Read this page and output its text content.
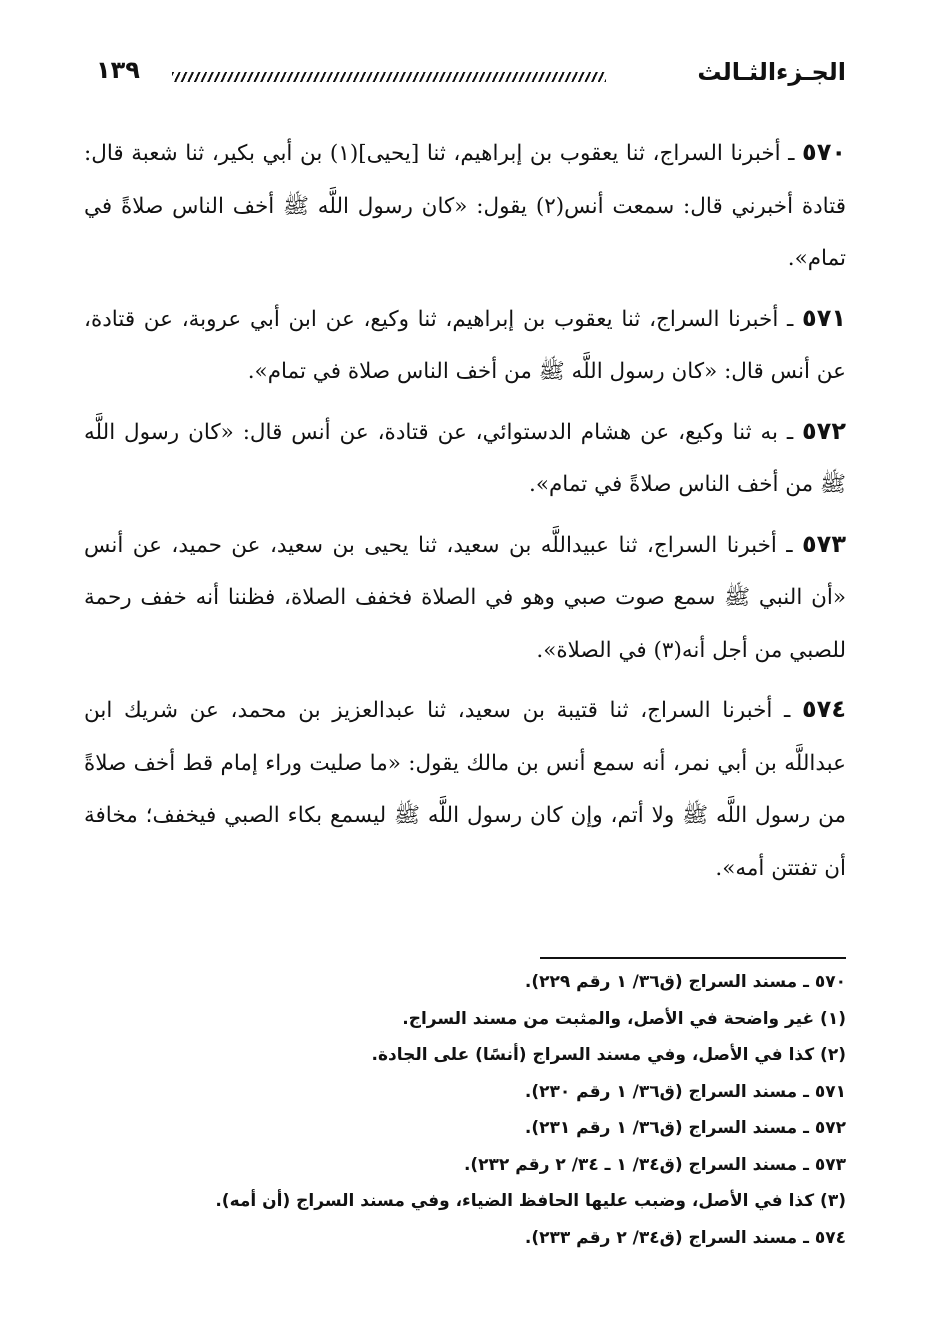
الجـزءالثـالث
١٣٩

٥٧٠ ـ أخبرنا السراج، ثنا يعقوب بن إبراهيم، ثنا [يحيى](١) بن أبي بكير، ثنا شعبة قال: قتادة أخبرني قال: سمعت أنس(٢) يقول: «كان رسول اللَّه ﷺ أخف الناس صلاةً في تمام».

٥٧١ ـ أخبرنا السراج، ثنا يعقوب بن إبراهيم، ثنا وكيع، عن ابن أبي عروبة، عن قتادة، عن أنس قال: «كان رسول اللَّه ﷺ من أخف الناس صلاة في تمام».

٥٧٢ ـ به ثنا وكيع، عن هشام الدستوائي، عن قتادة، عن أنس قال: «كان رسول اللَّه ﷺ من أخف الناس صلاةً في تمام».

٥٧٣ ـ أخبرنا السراج، ثنا عبيداللَّه بن سعيد، ثنا يحيى بن سعيد، عن حميد، عن أنس «أن النبي ﷺ سمع صوت صبي وهو في الصلاة فخفف الصلاة، فظننا أنه خفف رحمة للصبي من أجل أنه(٣) في الصلاة».

٥٧٤ ـ أخبرنا السراج، ثنا قتيبة بن سعيد، ثنا عبدالعزيز بن محمد، عن شريك ابن عبداللَّه بن أبي نمر، أنه سمع أنس بن مالك يقول: «ما صليت وراء إمام قط أخف صلاةً من رسول اللَّه ﷺ ولا أتم، وإن كان رسول اللَّه ﷺ ليسمع بكاء الصبي فيخفف؛ مخافة أن تفتتن أمه».

٥٧٠ ـ مسند السراج (ق٣٦/ ١ رقم ٢٢٩).

(١) غير واضحة في الأصل، والمثبت من مسند السراج.

(٢) كذا في الأصل، وفي مسند السراج (أنسًا) على الجادة.

٥٧١ ـ مسند السراج (ق٣٦/ ١ رقم ٢٣٠).

٥٧٢ ـ مسند السراج (ق٣٦/ ١ رقم ٢٣١).

٥٧٣ ـ مسند السراج (ق٣٤/ ١ ـ ٣٤/ ٢ رقم ٢٣٢).

(٣) كذا في الأصل، وضبب عليها الحافظ الضياء، وفي مسند السراج (أن أمه).

٥٧٤ ـ مسند السراج (ق٣٤/ ٢ رقم ٢٣٣).
